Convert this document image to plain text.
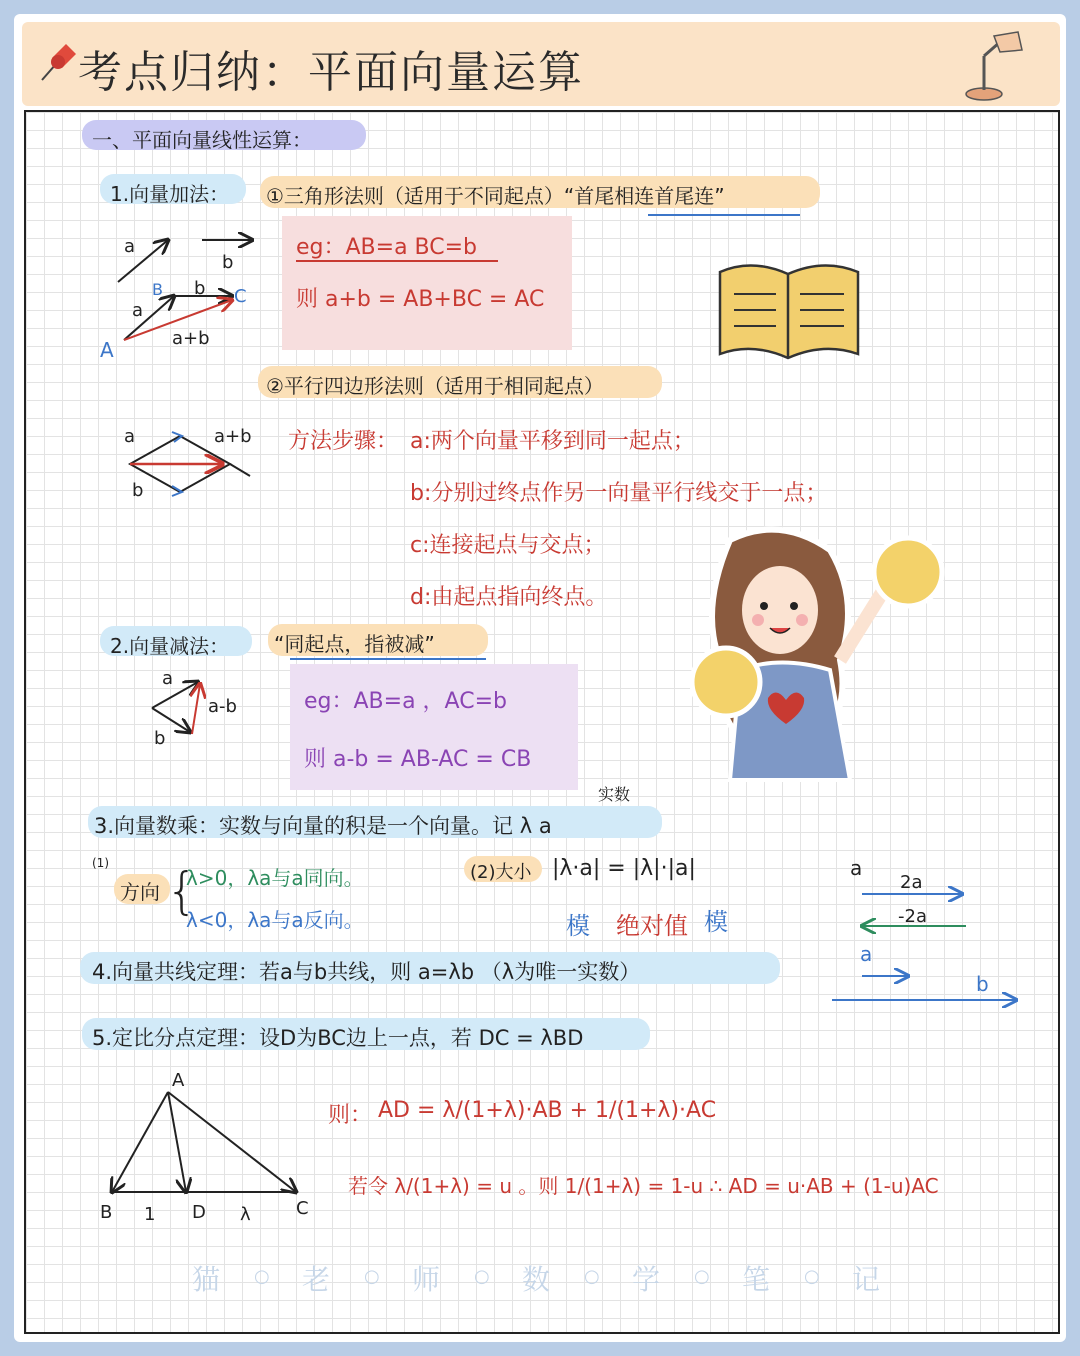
考点归纳：平面向量运算
一、平面向量线性运算：
1.向量加法： ①三角形法则（适用于不同起点）“首尾相连首尾连”
a
b
B b C
a
A	a+b
eg：AB=a BC=b
则 a+b = AB+BC = AC
②平行四边形法则（适用于相同起点）
a	a+b
b
方法步骤： a:两个向量平移到同一起点；
b:分别过终点作另一向量平行线交于一点；
c:连接起点与交点；
d:由起点指向终点。
2.向量减法： “同起点，指被减”
a
a-b
b
eg：AB=a ，AC=b
则 a-b = AB-AC = CB
3.向量数乘：实数与向量的积是一个向量。记 λ a
实数
(1)
方向 {
λ>0，λa与a同向。
λ<0，λa与a反向。
(2)大小 |λ·a| = |λ|·|a|
模 绝对值 模
a
2a
-2a
a
b
4.向量共线定理：若a与b共线，则 a=λb （λ为唯一实数）
5.定比分点定理：设D为BC边上一点，若 DC = λBD
A
B 1 D λ	C
则： AD = λ/(1+λ)·AB + 1/(1+λ)·AC
若令 λ/(1+λ) = u 。则 1/(1+λ) = 1-u ∴ AD = u·AB + (1-u)AC
猫 ○ 老 ○ 师 ○ 数 ○ 学 ○ 笔 ○ 记
